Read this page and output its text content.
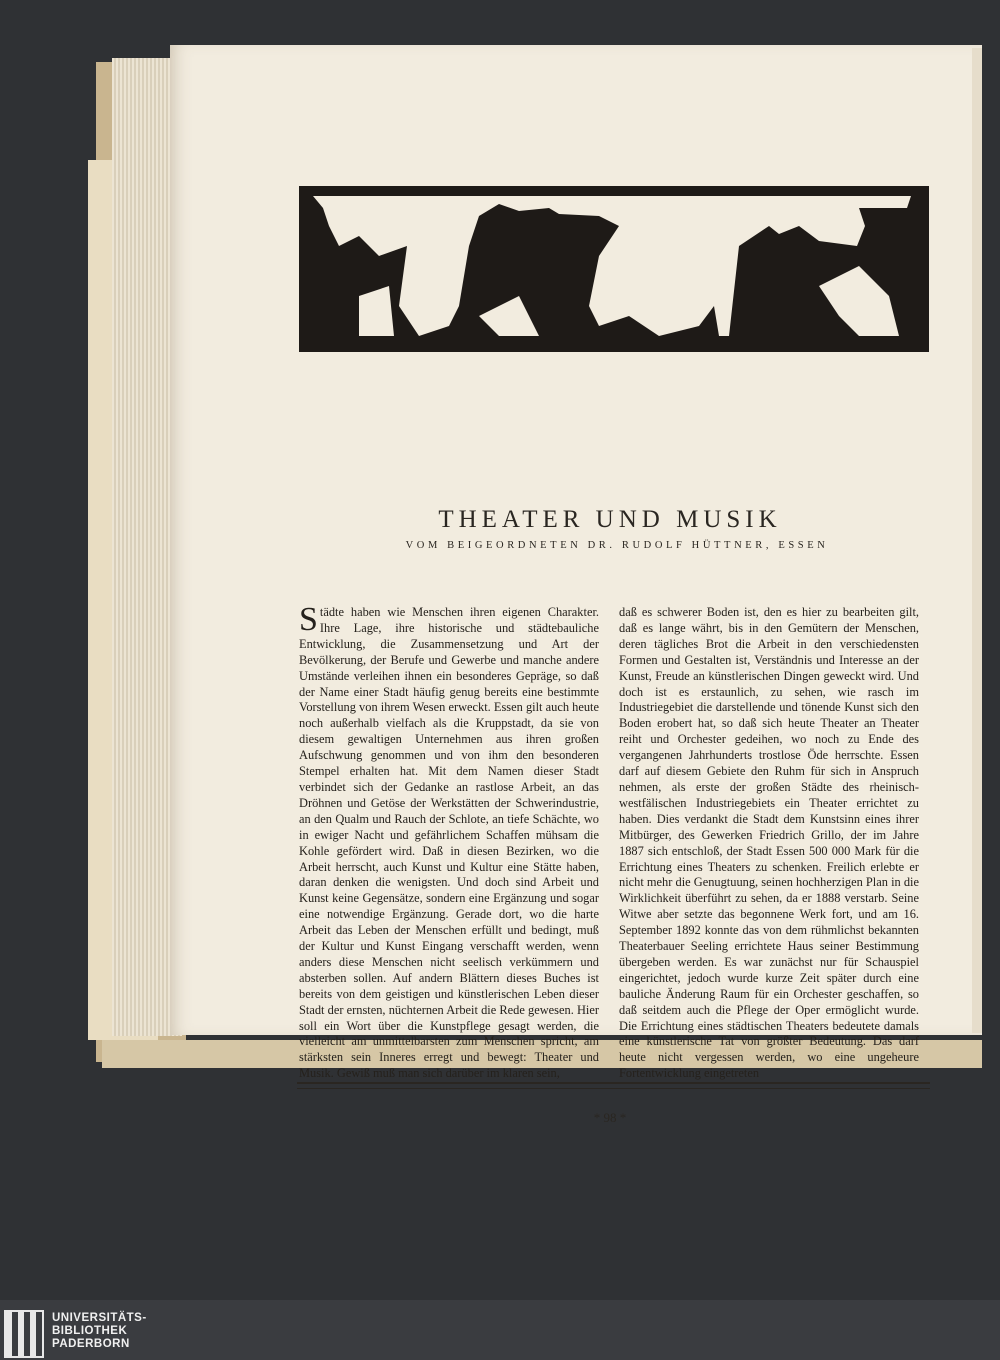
THEATER UND MUSIK
VOM BEIGEORDNETEN DR. RUDOLF HÜTTNER, ESSEN

Städte haben wie Menschen ihren eigenen Charakter. Ihre Lage, ihre historische und städtebauliche Entwicklung, die Zusammensetzung und Art der Bevölkerung, der Berufe und Gewerbe und manche andere Umstände verleihen ihnen ein besonderes Gepräge, so daß der Name einer Stadt häufig genug bereits eine bestimmte Vorstellung von ihrem Wesen erweckt. Essen gilt auch heute noch außerhalb vielfach als die Kruppstadt, da sie von diesem gewaltigen Unternehmen aus ihren großen Aufschwung genommen und von ihm den besonderen Stempel erhalten hat. Mit dem Namen dieser Stadt verbindet sich der Gedanke an rastlose Arbeit, an das Dröhnen und Getöse der Werkstätten der Schwerindustrie, an den Qualm und Rauch der Schlote, an tiefe Schächte, wo in ewiger Nacht und gefährlichem Schaffen mühsam die Kohle gefördert wird. Daß in diesen Bezirken, wo die Arbeit herrscht, auch Kunst und Kultur eine Stätte haben, daran denken die wenigsten. Und doch sind Arbeit und Kunst keine Gegensätze, sondern eine Ergänzung und sogar eine notwendige Ergänzung. Gerade dort, wo die harte Arbeit das Leben der Menschen erfüllt und bedingt, muß der Kultur und Kunst Eingang verschafft werden, wenn anders diese Menschen nicht seelisch verkümmern und absterben sollen. Auf andern Blättern dieses Buches ist bereits von dem geistigen und künstlerischen Leben dieser Stadt der ernsten, nüchternen Arbeit die Rede gewesen. Hier soll ein Wort über die Kunstpflege gesagt werden, die vielleicht am unmittelbarsten zum Menschen spricht, am stärksten sein Inneres erregt und bewegt: Theater und Musik. Gewiß muß man sich darüber im klaren sein,

daß es schwerer Boden ist, den es hier zu bearbeiten gilt, daß es lange währt, bis in den Gemütern der Menschen, deren tägliches Brot die Arbeit in den verschiedensten Formen und Gestalten ist, Verständnis und Interesse an der Kunst, Freude an künstlerischen Dingen geweckt wird. Und doch ist es erstaunlich, zu sehen, wie rasch im Industriegebiet die darstellende und tönende Kunst sich den Boden erobert hat, so daß sich heute Theater an Theater reiht und Orchester gedeihen, wo noch zu Ende des vergangenen Jahrhunderts trostlose Öde herrschte. Essen darf auf diesem Gebiete den Ruhm für sich in Anspruch nehmen, als erste der großen Städte des rheinisch-westfälischen Industriegebiets ein Theater errichtet zu haben. Dies verdankt die Stadt dem Kunstsinn eines ihrer Mitbürger, des Gewerken Friedrich Grillo, der im Jahre 1887 sich entschloß, der Stadt Essen 500 000 Mark für die Errichtung eines Theaters zu schenken. Freilich erlebte er nicht mehr die Genugtuung, seinen hochherzigen Plan in die Wirklichkeit überführt zu sehen, da er 1888 verstarb. Seine Witwe aber setzte das begonnene Werk fort, und am 16. September 1892 konnte das von dem rühmlichst bekannten Theaterbauer Seeling errichtete Haus seiner Bestimmung übergeben werden. Es war zunächst nur für Schauspiel eingerichtet, jedoch wurde kurze Zeit später durch eine bauliche Änderung Raum für ein Orchester geschaffen, so daß seitdem auch die Pflege der Oper ermöglicht wurde. Die Errichtung eines städtischen Theaters bedeutete damals eine künstlerische Tat von größter Bedeutung. Das darf heute nicht vergessen werden, wo eine ungeheure Fortentwicklung eingetreten

* 98 *
UNIVERSITÄTS-
BIBLIOTHEK
PADERBORN
